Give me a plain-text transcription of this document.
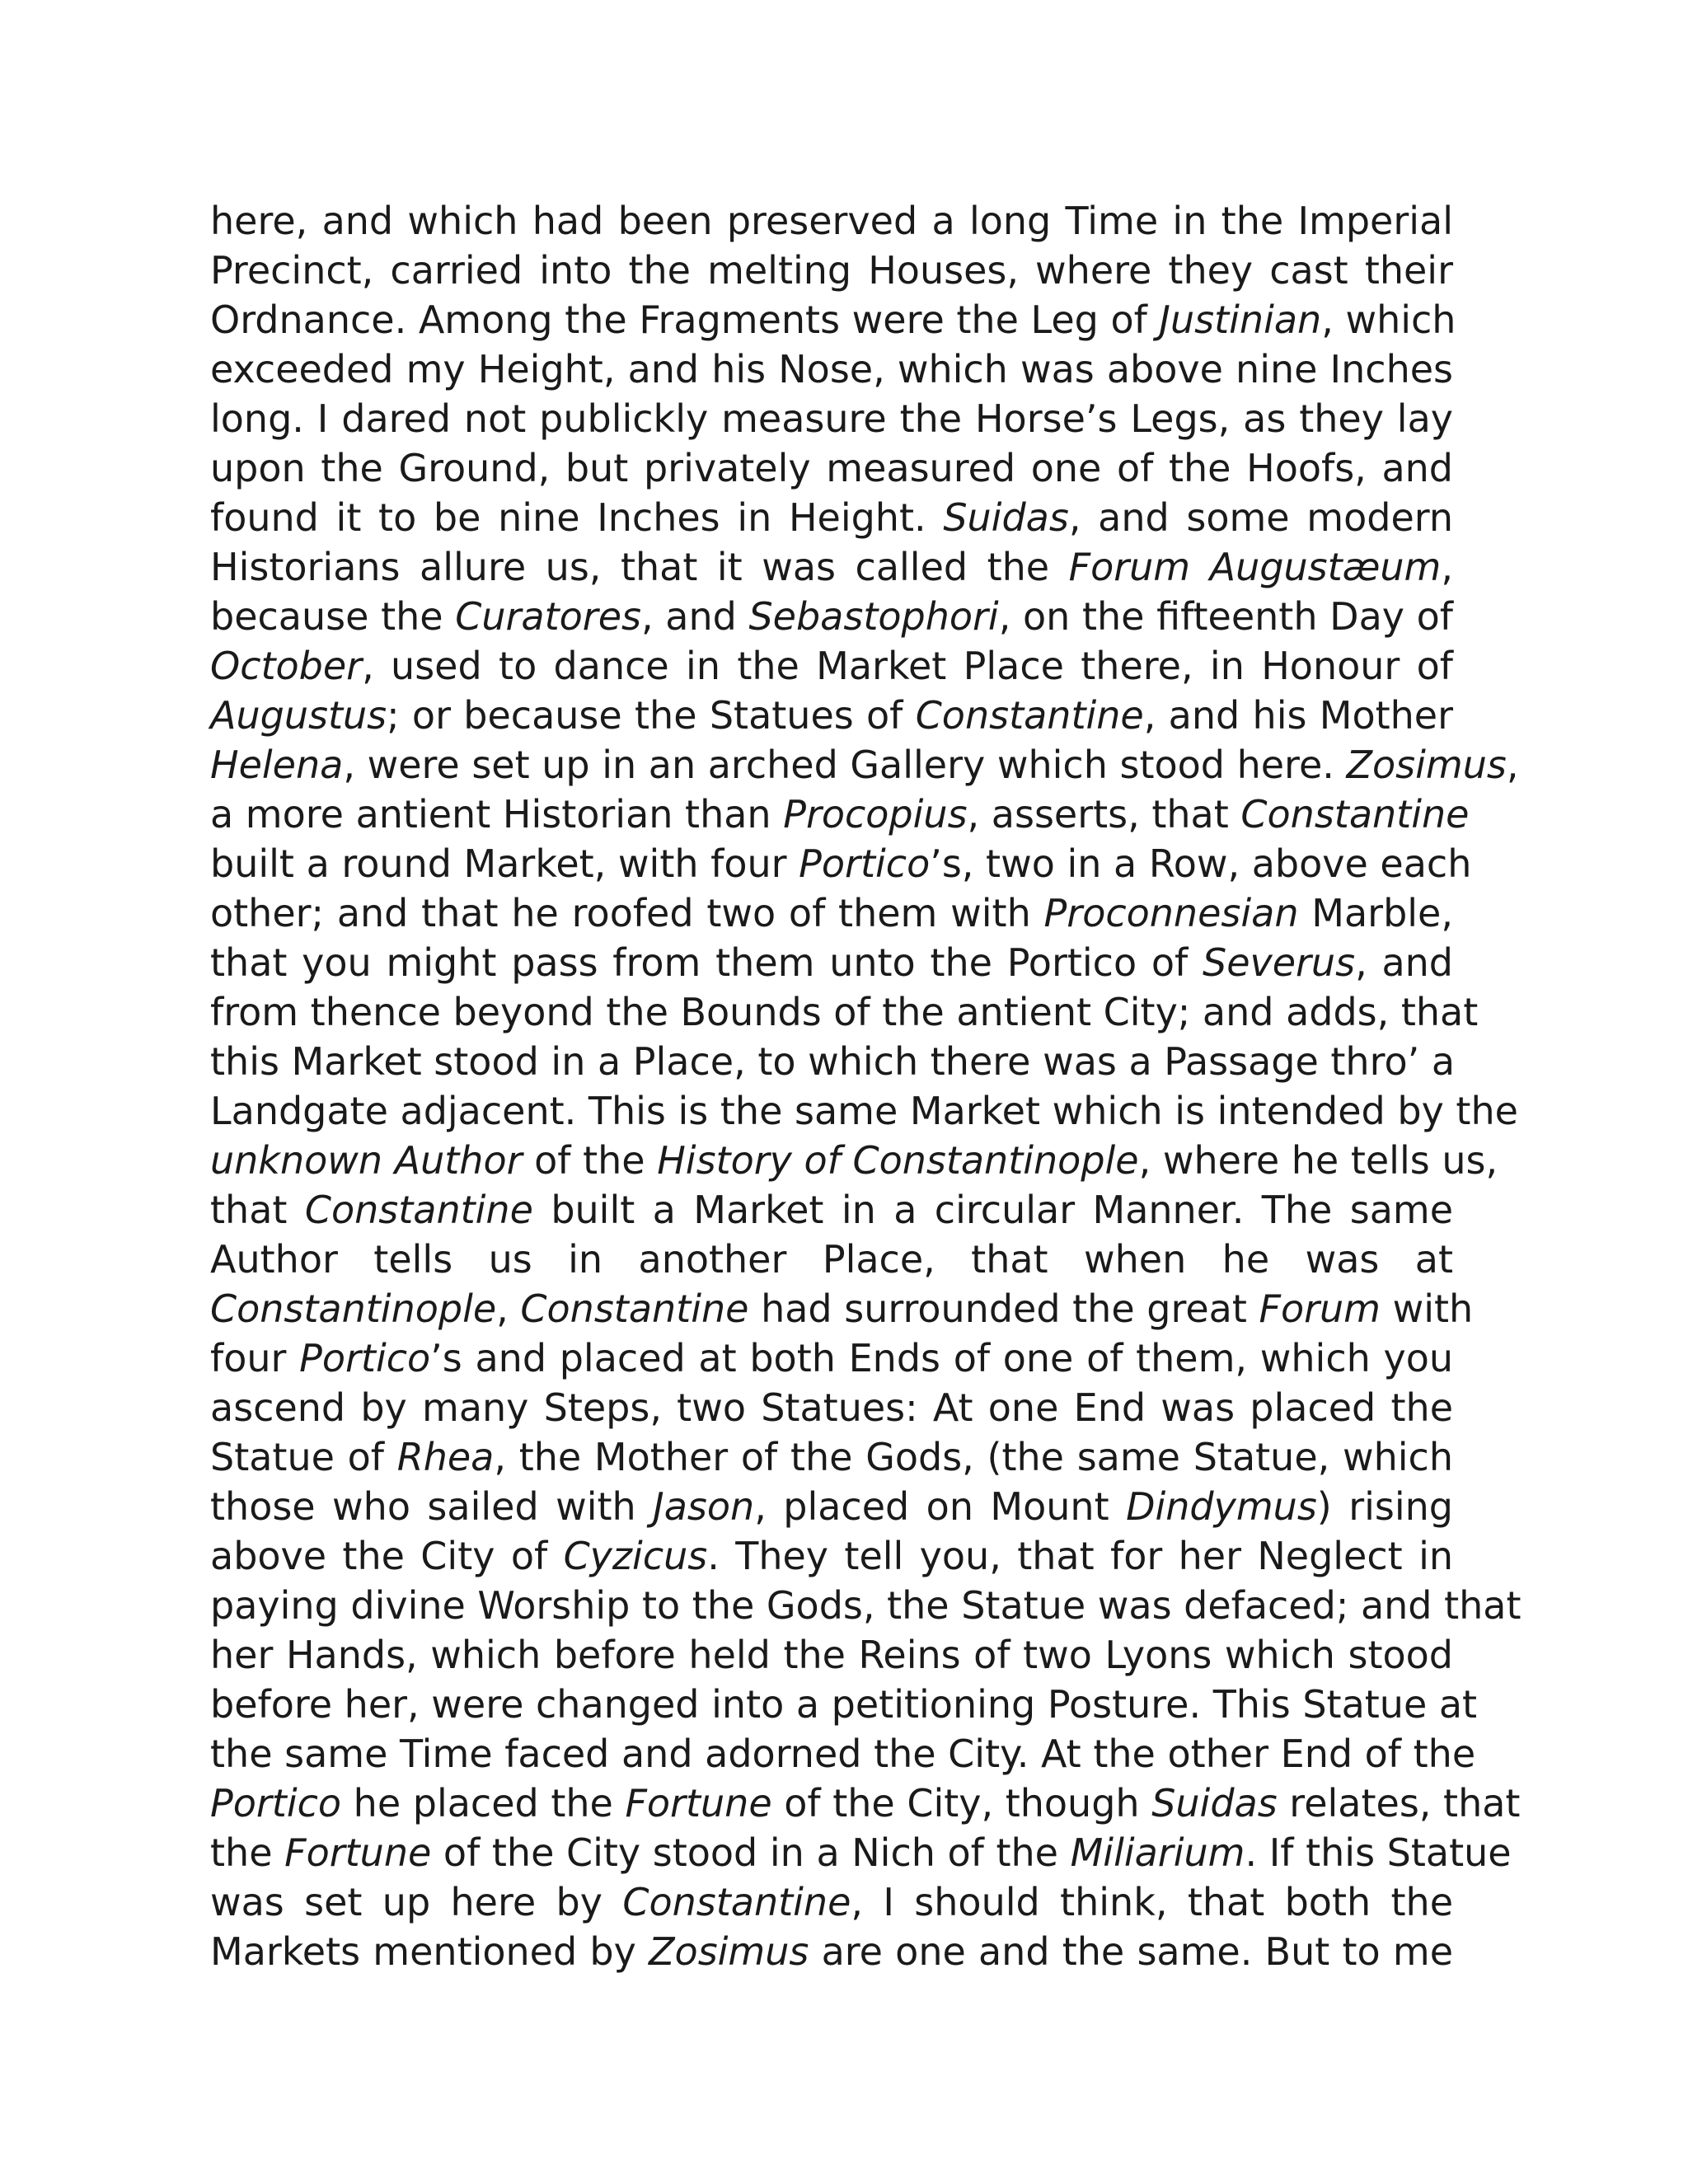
here, and which had been preserved a long Time in the Imperial
Precinct, carried into the melting Houses, where they cast their
Ordnance. Among the Fragments were the Leg of Justinian, which
exceeded my Height, and his Nose, which was above nine Inches
long. I dared not publickly measure the Horse’s Legs, as they lay
upon the Ground, but privately measured one of the Hoofs, and
found it to be nine Inches in Height. Suidas, and some modern
Historians allure us, that it was called the Forum Augustæum,
because the Curatores, and Sebastophori, on the fifteenth Day of
October, used to dance in the Market Place there, in Honour of
Augustus; or because the Statues of Constantine, and his Mother
Helena, were set up in an arched Gallery which stood here. Zosimus,
a more antient Historian than Procopius, asserts, that Constantine
built a round Market, with four Portico’s, two in a Row, above each
other; and that he roofed two of them with Proconnesian Marble,
that you might pass from them unto the Portico of Severus, and
from thence beyond the Bounds of the antient City; and adds, that
this Market stood in a Place, to which there was a Passage thro’ a
Landgate adjacent. This is the same Market which is intended by the
unknown Author of the History of Constantinople, where he tells us,
that Constantine built a Market in a circular Manner. The same
Author tells us in another Place, that when he was at
Constantinople, Constantine had surrounded the great Forum with
four Portico’s and placed at both Ends of one of them, which you
ascend by many Steps, two Statues: At one End was placed the
Statue of Rhea, the Mother of the Gods, (the same Statue, which
those who sailed with Jason, placed on Mount Dindymus) rising
above the City of Cyzicus. They tell you, that for her Neglect in
paying divine Worship to the Gods, the Statue was defaced; and that
her Hands, which before held the Reins of two Lyons which stood
before her, were changed into a petitioning Posture. This Statue at
the same Time faced and adorned the City. At the other End of the
Portico he placed the Fortune of the City, though Suidas relates, that
the Fortune of the City stood in a Nich of the Miliarium. If this Statue
was set up here by Constantine, I should think, that both the
Markets mentioned by Zosimus are one and the same. But to me
